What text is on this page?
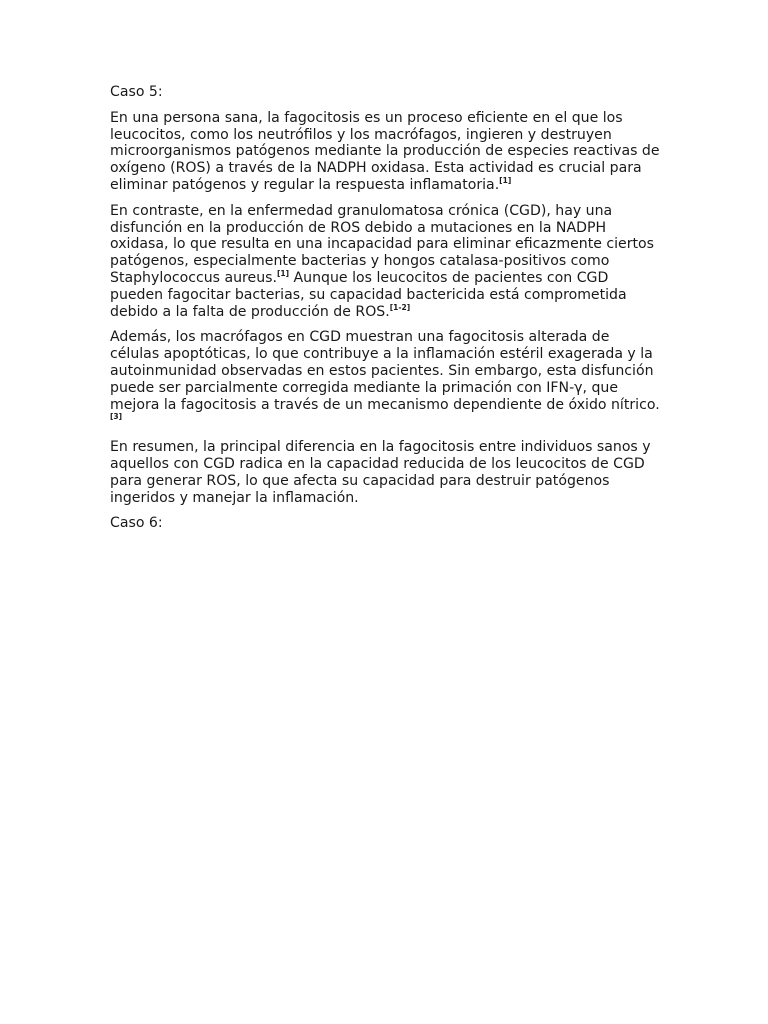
Caso 5:

En una persona sana, la fagocitosis es un proceso eficiente en el que los leucocitos, como los neutrófilos y los macrófagos, ingieren y destruyen microorganismos patógenos mediante la producción de especies reactivas de oxígeno (ROS) a través de la NADPH oxidasa. Esta actividad es crucial para eliminar patógenos y regular la respuesta inflamatoria.[1]

En contraste, en la enfermedad granulomatosa crónica (CGD), hay una disfunción en la producción de ROS debido a mutaciones en la NADPH oxidasa, lo que resulta en una incapacidad para eliminar eficazmente ciertos patógenos, especialmente bacterias y hongos catalasa-positivos como Staphylococcus aureus.[1] Aunque los leucocitos de pacientes con CGD pueden fagocitar bacterias, su capacidad bactericida está comprometida debido a la falta de producción de ROS.[1-2]

Además, los macrófagos en CGD muestran una fagocitosis alterada de células apoptóticas, lo que contribuye a la inflamación estéril exagerada y la autoinmunidad observadas en estos pacientes. Sin embargo, esta disfunción puede ser parcialmente corregida mediante la primación con IFN-γ, que mejora la fagocitosis a través de un mecanismo dependiente de óxido nítrico.[3]

En resumen, la principal diferencia en la fagocitosis entre individuos sanos y aquellos con CGD radica en la capacidad reducida de los leucocitos de CGD para generar ROS, lo que afecta su capacidad para destruir patógenos ingeridos y manejar la inflamación.

Caso 6:
